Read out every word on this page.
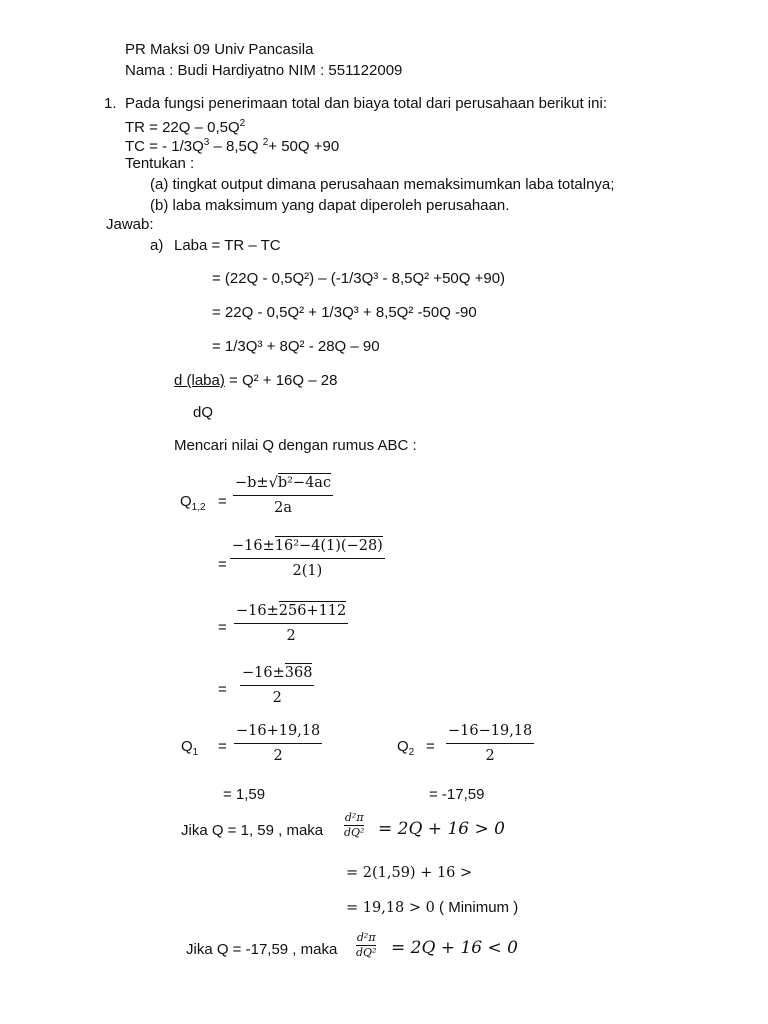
PR Maksi 09 Univ Pancasila
Nama : Budi Hardiyatno NIM : 551122009
1. Pada fungsi penerimaan total dan biaya total dari perusahaan berikut ini:
TR = $22Q - 0,5Q^2$
TC = - $1/3Q^3 - 8,5Q$ $^2$+ 50Q +90
Tentukan :
(a) tingkat output dimana perusahaan memaksimumkan laba totalnya;
(b) laba maksimum yang dapat diperoleh perusahaan.
Jawab:
a) Laba = TR – TC
= (22Q - 0,5Q²) – (-1/3Q³ - 8,5Q² +50Q +90)
= 22Q - 0,5Q² + 1/3Q³ + 8,5Q² -50Q -90
= 1/3Q³ + 8Q² - 28Q – 90
d (laba) = Q² + 16Q – 28
dQ
Mencari nilai Q dengan rumus ABC :
$Q_{1,2}$ =
−b±√b²−4ac
2a
=
−16±16²−4(1)(−28)
2(1)
=
−16±256+112
2
=
−16±368
2
$Q_1$ =
−16+19,18
2
$Q_2$ =
−16−19,18
2
= 1,59	= -17,59
Jika Q = 1, 59 , maka
d²π
dQ² = 2Q + 16 > 0
= 2(1,59) + 16 >
= 19,18 > 0 ( Minimum )
Jika Q = -17,59 , maka
d²π
dQ² = 2Q + 16 < 0
